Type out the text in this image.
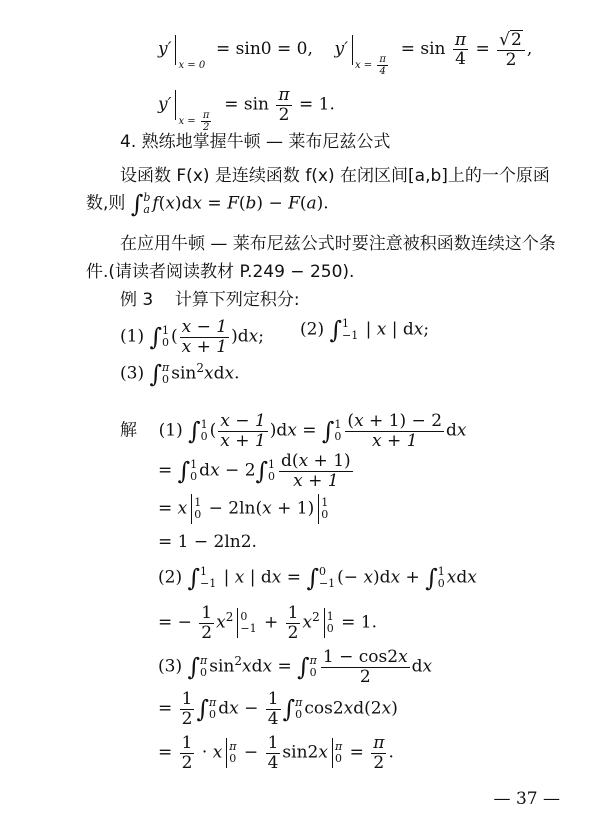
$y'_{x = 0} = \sin 0 = 0$,    $y'_{x = \frac{\pi}{4}}$
= $\sin \frac{\pi}{4} = \frac{√2}{2}$ ,
$y'_{x = \frac{\pi}{2}}$
= $\sin \frac{\pi}{2} = 1$.
4. 熟练地掌握牛顿 — 莱布尼兹公式
设函数 F(x) 是连续函数 f(x) 在闭区间[a,b]上的一个原函
数,则 ∫ b
a f(x)dx = F(b) − F(a).
在应用牛顿 — 莱布尼兹公式时要注意被积函数连续这个条
件.(请读者阅读教材 P.249 − 250).
例 3 计算下列定积分:
(1) ∫ 1
0 ( $\frac{x - 1}{x + 1} )dx$; (2) ∫ 1
−1 | x | dx;
(3) ∫ π
0 $\sin^2xdx$.
解    (1) ∫ 1
0 ( $\frac{x - 1}{x + 1} )dx$ = ∫ 1
$0 \frac{(x + 1) - 2}{x + 1}$ dx
= ∫ 1
0 dx − 2∫ 1
$0 \frac{d(x + 1)}{x + 1}$
= x 1
0 − 2ln(x + 1) 1
0
= 1 − 2ln2.
(2) ∫ 1
−1 | x | dx = ∫ 0
−1 (− x)dx + ∫ 1
0 xdx
= − $\frac{1}{2} x^2$ 0
$-1 + \frac{1}{2} x^2$ 1
0 = 1.
(3) ∫ π
0 $\sin^2xdx$ = ∫ π
$0 \frac{1 - \cos 2x}{2}$ dx
= $\frac{1}{2}$ ∫ π
0 dx − $\frac{1}{4}$ ∫ π
0 cos2xd(2x)
= $\frac{1}{2} \cdot x$ π
$0 - \frac{1}{4} \sin 2x$ π
$0 = \frac{\pi}{2}$ .
— 37 —
